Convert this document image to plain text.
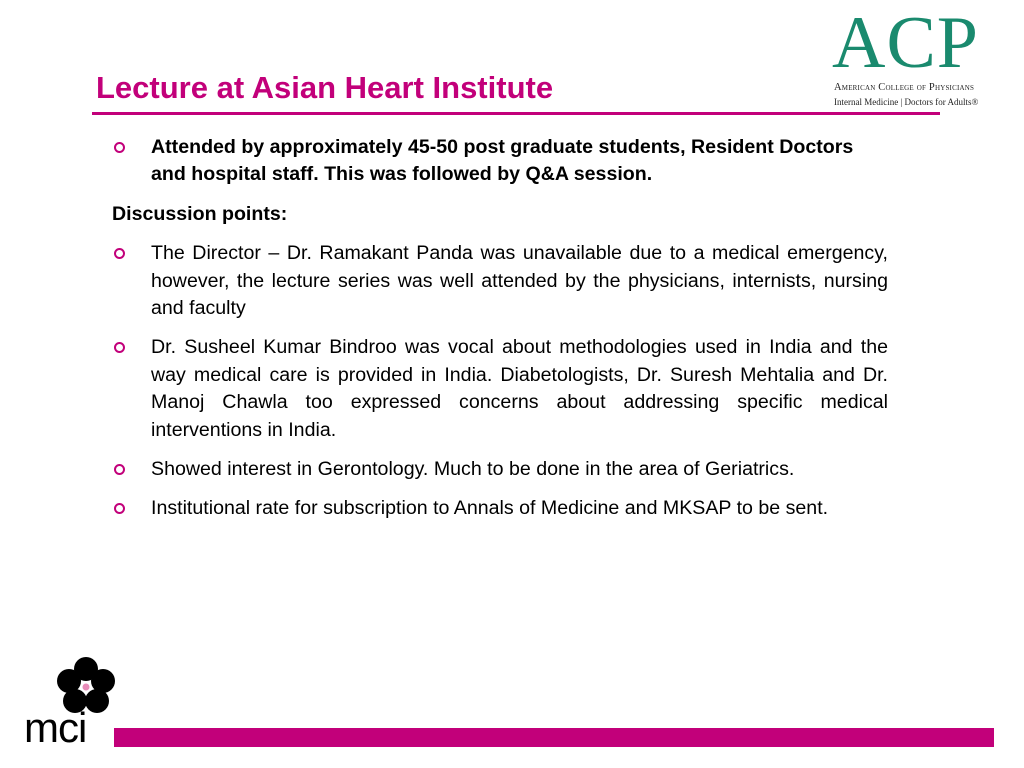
Lecture at Asian Heart Institute
ACP
American College of Physicians
Internal Medicine | Doctors for Adults®
Attended by approximately 45-50 post graduate students, Resident Doctors and hospital staff. This was followed by Q&A session.

Discussion points:

The Director – Dr. Ramakant Panda was unavailable due to a medical emergency, however, the lecture series was well attended by the physicians, internists, nursing and faculty
Dr. Susheel Kumar Bindroo was vocal about methodologies used in India and the way medical care is provided in India. Diabetologists, Dr. Suresh Mehtalia and Dr. Manoj Chawla too expressed concerns about addressing specific medical interventions in India.
Showed interest in Gerontology. Much to be done in the area of Geriatrics.
Institutional rate for subscription to Annals of Medicine and MKSAP to be sent.
mci
